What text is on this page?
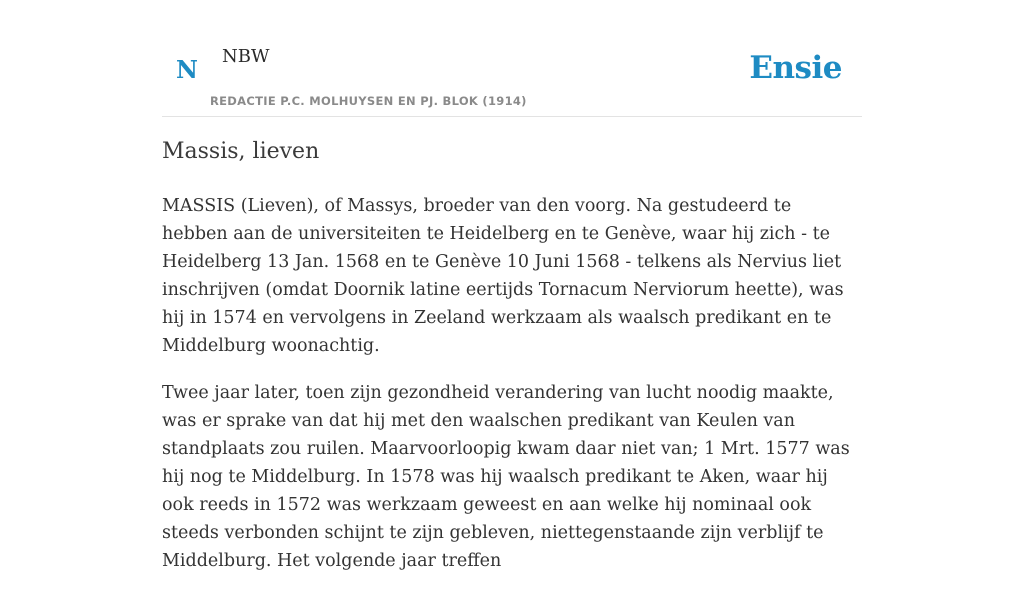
N NBW
REDACTIE P.C. MOLHUYSEN EN PJ. BLOK (1914)
Ensie
Massis, lieven

MASSIS (Lieven), of Massys, broeder van den voorg. Na gestudeerd te hebben aan de universiteiten te Heidelberg en te Genève, waar hij zich - te Heidelberg 13 Jan. 1568 en te Genève 10 Juni 1568 - telkens als Nervius liet inschrijven (omdat Doornik latine eertijds Tornacum Nerviorum heette), was hij in 1574 en vervolgens in Zeeland werkzaam als waalsch predikant en te Middelburg woonachtig.

Twee jaar later, toen zijn gezondheid verandering van lucht noodig maakte, was er sprake van dat hij met den waalschen predikant van Keulen van standplaats zou ruilen. Maarvoorloopig kwam daar niet van; 1 Mrt. 1577 was hij nog te Middelburg. In 1578 was hij waalsch predikant te Aken, waar hij ook reeds in 1572 was werkzaam geweest en aan welke hij nominaal ook steeds verbonden schijnt te zijn gebleven, niettegenstaande zijn verblijf te Middelburg. Het volgende jaar treffen
